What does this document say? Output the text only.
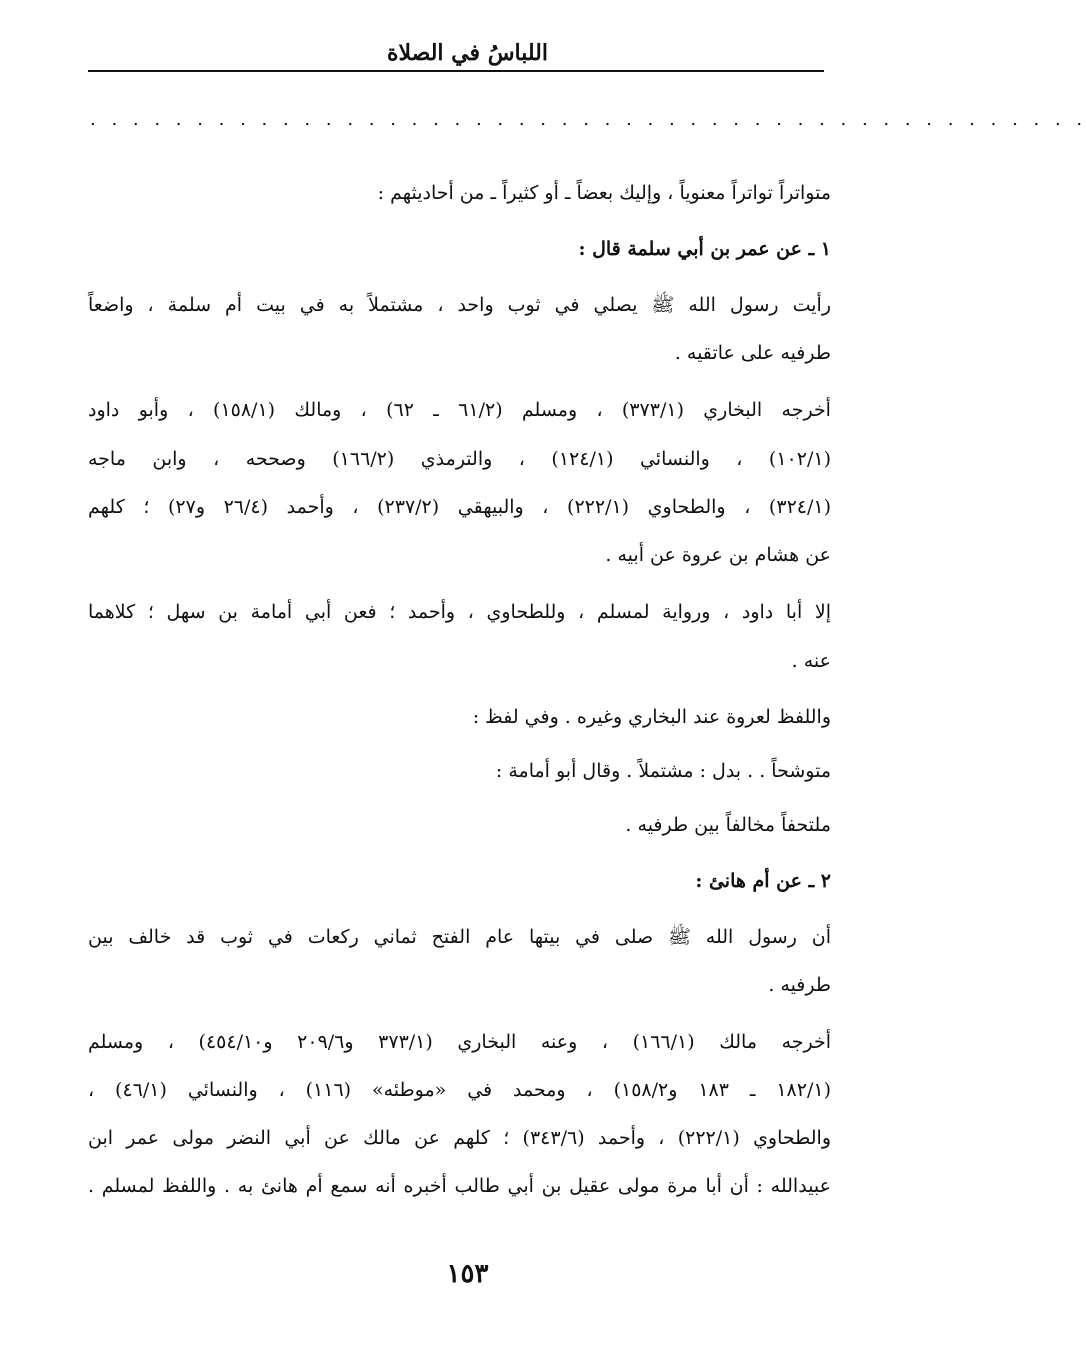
اللباسُ في الصلاة
. . . . . . . . . . . . . . . . . . . . . . . . . . . . . . . . . . . . . . . . . . . . . . .
متواتراً تواتراً معنوياً ، وإليك بعضاً ـ أو كثيراً ـ من أحاديثهم :
١ ـ عن عمر بن أبي سلمة قال :
رأيت رسول الله ﷺ يصلي في ثوب واحد ، مشتملاً به في بيت أم سلمة ، واضعاً
طرفيه على عاتقيه .
أخرجه البخاري (٣٧٣/١) ، ومسلم (٦١/٢ ـ ٦٢) ، ومالك (١٥٨/١) ، وأبو داود
(١٠٢/١) ، والنسائي (١٢٤/١) ، والترمذي (١٦٦/٢) وصححه ، وابن ماجه
(٣٢٤/١) ، والطحاوي (٢٢٢/١) ، والبيهقي (٢٣٧/٢) ، وأحمد (٢٦/٤ و٢٧) ؛ كلهم
عن هشام بن عروة عن أبيه .
إلا أبا داود ، ورواية لمسلم ، وللطحاوي ، وأحمد ؛ فعن أبي أمامة بن سهل ؛ كلاهما
عنه .
واللفظ لعروة عند البخاري وغيره . وفي لفظ :
متوشحاً . . بدل : مشتملاً . وقال أبو أمامة :
ملتحفاً مخالفاً بين طرفيه .
٢ ـ عن أم هانئ :
أن رسول الله ﷺ صلى في بيتها عام الفتح ثماني ركعات في ثوب قد خالف بين
طرفيه .
أخرجه مالك (١٦٦/١) ، وعنه البخاري (٣٧٣/١ و٢٠٩/٦ و٤٥٤/١٠) ، ومسلم
(١٨٢/١ ـ ١٨٣ و١٥٨/٢) ، ومحمد في «موطئه» (١١٦) ، والنسائي (٤٦/١) ،
والطحاوي (٢٢٢/١) ، وأحمد (٣٤٣/٦) ؛ كلهم عن مالك عن أبي النضر مولى عمر ابن
عبيدالله : أن أبا مرة مولى عقيل بن أبي طالب أخبره أنه سمع أم هانئ به . واللفظ لمسلم .
١٥٣
